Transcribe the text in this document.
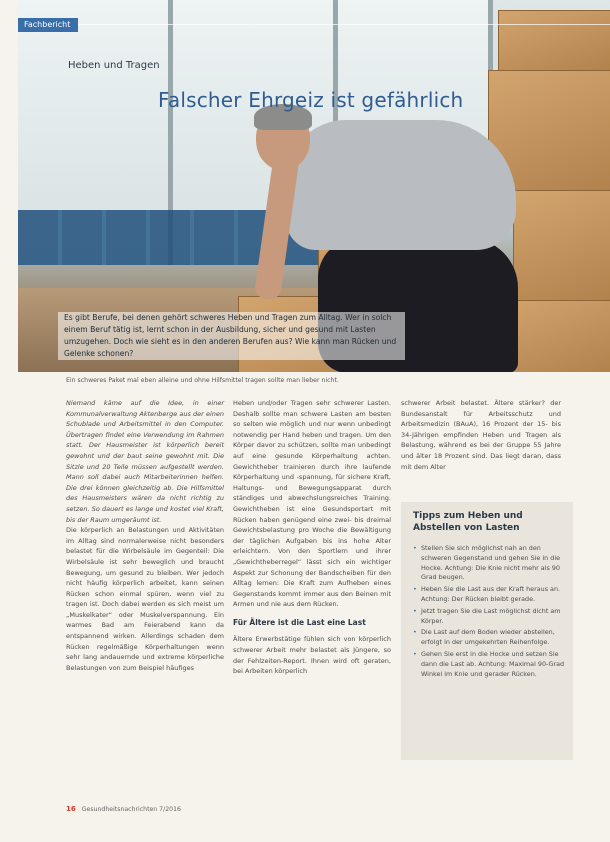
Fachbericht
Heben und Tragen
Falscher Ehrgeiz ist gefährlich
Es gibt Berufe, bei denen gehört schweres Heben und Tragen zum Alltag. Wer in solch einem Beruf tätig ist, lernt schon in der Ausbildung, sicher und gesund mit Lasten umzugehen. Doch wie sieht es in den anderen Berufen aus? Wie kann man Rücken und Gelenke schonen?
Ein schweres Paket mal eben alleine und ohne Hilfsmittel tragen sollte man lieber nicht.

Niemand käme auf die Idee, in einer Kommunalverwaltung Aktenberge aus der einen Schublade und Arbeitsmittel in den Computer. Übertragen findet eine Verwendung im Rahmen statt. Der Hausmeister ist körperlich bereit gewohnt und der baut seine gewohnt mit. Die Sitzle und 20 Teile müssen aufgestellt werden. Mann soll dabei auch Mitarbeiterinnen helfen. Die drei können gleichzeitig ab. Die Hilfsmittel des Hausmeisters wären da nicht richtig zu setzen. So dauert es lange und kostet viel Kraft, bis der Raum umgeräumt ist.

Die körperlich an Belastungen und Aktivitäten im Alltag sind normalerweise nicht besonders belastet für die Wirbelsäule im Gegenteil: Die Wirbelsäule ist sehr beweglich und braucht Bewegung, um gesund zu bleiben. Wer jedoch nicht häufig körperlich arbeitet, kann seinen Rücken schon einmal spüren, wenn viel zu tragen ist. Doch dabei werden es sich meist um „Muskelkater“ oder Muskelverspannung. Ein warmes Bad am Feierabend kann da entspannend wirken. Allerdings schaden dem Rücken regelmäßige Körperhaltungen wenn sehr lang andauernde und extreme körperliche Belastungen von zum Beispiel häufiges

Heben und/oder Tragen sehr schwerer Lasten. Deshalb sollte man schwere Lasten am besten so selten wie möglich und nur wenn unbedingt notwendig per Hand heben und tragen. Um den Körper davor zu schützen, sollte man unbedingt auf eine gesunde Körperhaltung achten. Gewichtheber trainieren durch ihre laufende Körperhaltung und -spannung, für sichere Kraft, Haltungs- und Bewegungsapparat durch ständiges und abwechslungsreiches Training. Gewichtheben ist eine Gesundsportart mit Rücken haben genügend eine zwei- bis dreimal Gewichtsbelastung pro Woche die Bewältigung der täglichen Aufgaben bis ins hohe Alter erleichtern. Von den Sportlern und ihrer „Gewichtheberregel“ lässt sich ein wichtiger Aspekt zur Schonung der Bandscheiben für den Alltag lernen: Die Kraft zum Aufheben eines Gegenstands kommt immer aus den Beinen mit Armen und nie aus dem Rücken.

Für Ältere ist die Last eine Last

Ältere Erwerbstätige fühlen sich von körperlich schwerer Arbeit mehr belastet als Jüngere, so der Fehlzeiten-Report. Ihnen wird oft geraten, bei Arbeiten körperlich

schwerer Arbeit belastet. Ältere stärker? der Bundesanstalt für Arbeitsschutz und Arbeitsmedizin (BAuA), 16 Prozent der 15- bis 34-Jährigen empfinden Heben und Tragen als Belastung, während es bei der Gruppe 55 Jahre und älter 18 Prozent sind. Das liegt daran, dass mit dem Alter

Tipps zum Heben und Abstellen von Lasten
• Stellen Sie sich möglichst nah an den schweren Gegenstand und gehen Sie in die Hocke. Achtung: Die Knie nicht mehr als 90 Grad beugen.
• Heben Sie die Last aus der Kraft heraus an. Achtung: Der Rücken bleibt gerade.
• Jetzt tragen Sie die Last möglichst dicht am Körper.
• Die Last auf dem Boden wieder abstellen, erfolgt in der umgekehrten Reihenfolge.
• Gehen Sie erst in die Hocke und setzen Sie dann die Last ab. Achtung: Maximal 90-Grad Winkel im Knie und gerader Rücken.
16 Gesundheitsnachrichten 7/2016
